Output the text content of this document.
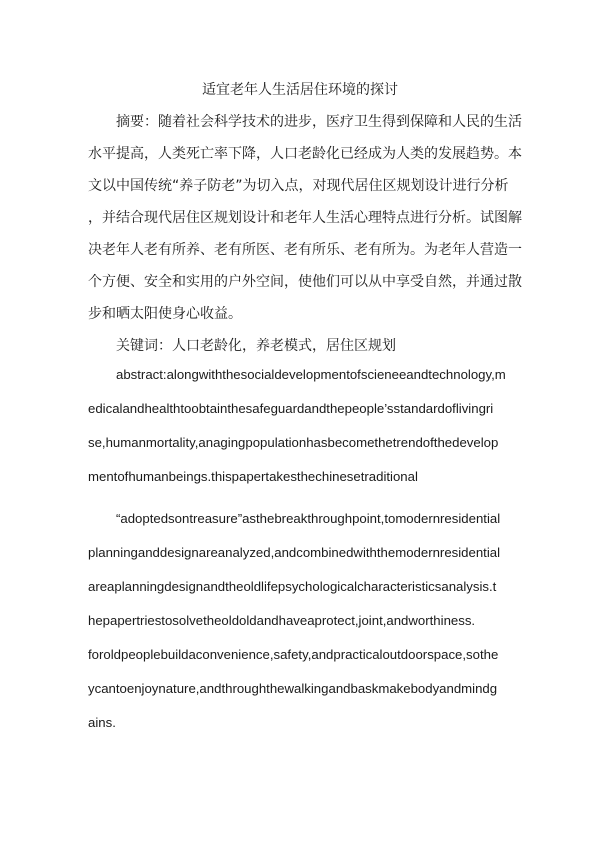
适宜老年人生活居住环境的探讨
摘要：随着社会科学技术的进步，医疗卫生得到保障和人民的生活
水平提高，人类死亡率下降，人口老龄化已经成为人类的发展趋势。本
文以中国传统“养子防老”为切入点，对现代居住区规划设计进行分析
，并结合现代居住区规划设计和老年人生活心理特点进行分析。试图解
决老年人老有所养、老有所医、老有所乐、老有所为。为老年人营造一
个方便、安全和实用的户外空间，使他们可以从中享受自然，并通过散
步和晒太阳使身心收益。
关键词：人口老龄化，养老模式，居住区规划
abstract:alongwiththesocialdevelopmentofscieneeandtechnology,m
edicalandhealthtoobtainthesafeguardandthepeople’sstandardoflivingri
se,humanmortality,anagingpopulationhasbecomethetrendofthedevelop
mentofhumanbeings.thispapertakesthechinesetraditional
“adoptedsontreasure”asthebreakthroughpoint,tomodernresidential
planninganddesignareanalyzed,andcombinedwiththemodernresidential
areaplanningdesignandtheoldlifepsychologicalcharacteristicsanalysis.t
hepapertriestosolvetheoldoldandhaveaprotect,joint,andworthiness.
foroldpeoplebuildaconvenience,safety,andpracticaloutdoorspace,sothe
ycantoenjoynature,andthroughthewalkingandbaskmakebodyandmindg
ains.
